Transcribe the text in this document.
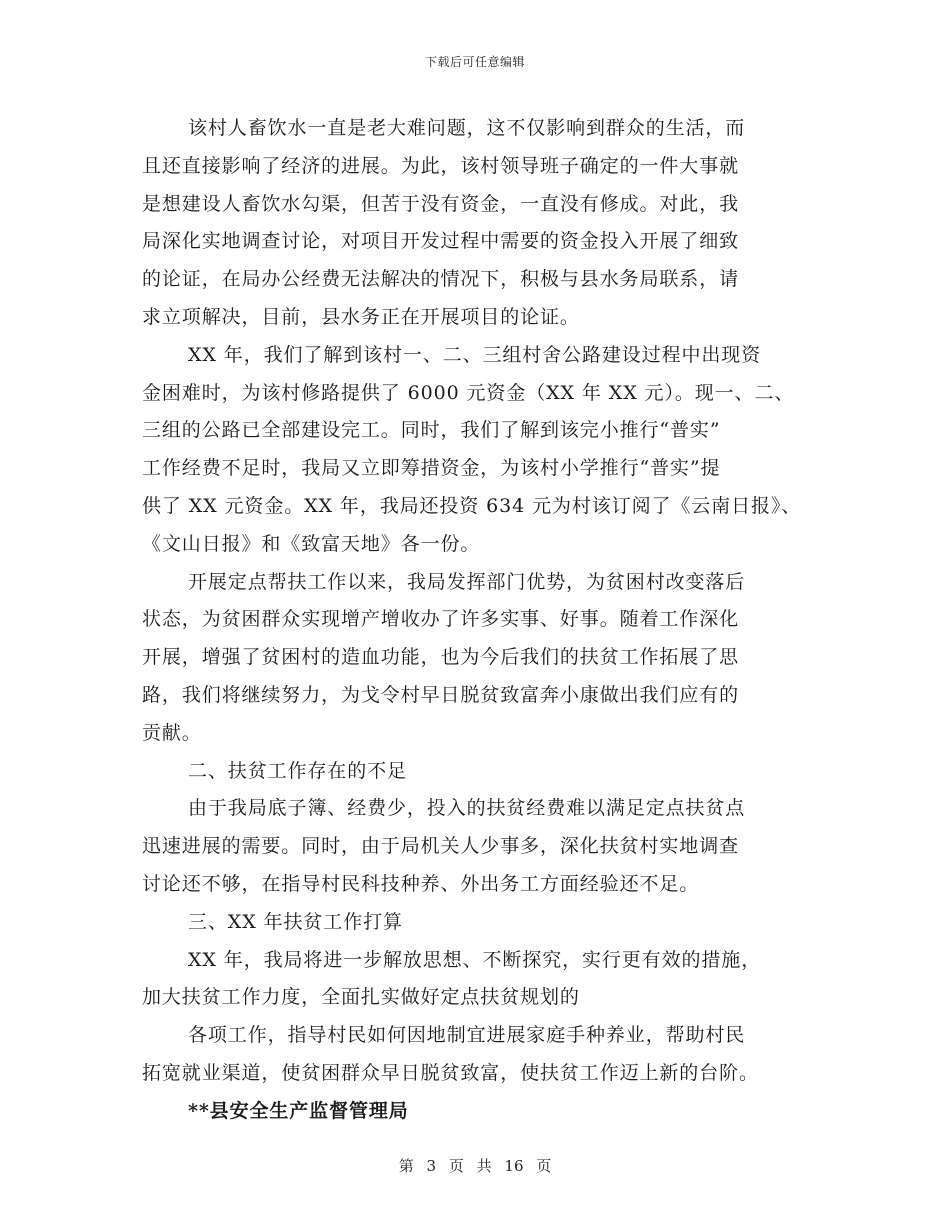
下载后可任意编辑
该村人畜饮水一直是老大难问题，这不仅影响到群众的生活，而
且还直接影响了经济的进展。为此，该村领导班子确定的一件大事就
是想建设人畜饮水勾渠，但苦于没有资金，一直没有修成。对此，我
局深化实地调查讨论，对项目开发过程中需要的资金投入开展了细致
的论证，在局办公经费无法解决的情况下，积极与县水务局联系，请
求立项解决，目前，县水务正在开展项目的论证。
XX 年，我们了解到该村一、二、三组村舍公路建设过程中出现资
金困难时，为该村修路提供了 6000 元资金（XX 年 XX 元）。现一、二、
三组的公路已全部建设完工。同时，我们了解到该完小推行“普实”
工作经费不足时，我局又立即筹措资金，为该村小学推行“普实”提
供了 XX 元资金。XX 年，我局还投资 634 元为村该订阅了《云南日报》、
《文山日报》和《致富天地》各一份。
开展定点帮扶工作以来，我局发挥部门优势，为贫困村改变落后
状态，为贫困群众实现增产增收办了许多实事、好事。随着工作深化
开展，增强了贫困村的造血功能，也为今后我们的扶贫工作拓展了思
路，我们将继续努力，为戈令村早日脱贫致富奔小康做出我们应有的
贡献。
二、扶贫工作存在的不足
由于我局底子簿、经费少，投入的扶贫经费难以满足定点扶贫点
迅速进展的需要。同时，由于局机关人少事多，深化扶贫村实地调查
讨论还不够，在指导村民科技种养、外出务工方面经验还不足。
三、XX 年扶贫工作打算
XX 年，我局将进一步解放思想、不断探究，实行更有效的措施，
加大扶贫工作力度，全面扎实做好定点扶贫规划的
各项工作，指导村民如何因地制宜进展家庭手种养业，帮助村民
拓宽就业渠道，使贫困群众早日脱贫致富，使扶贫工作迈上新的台阶。
**县安全生产监督管理局
第 3 页 共 16 页
